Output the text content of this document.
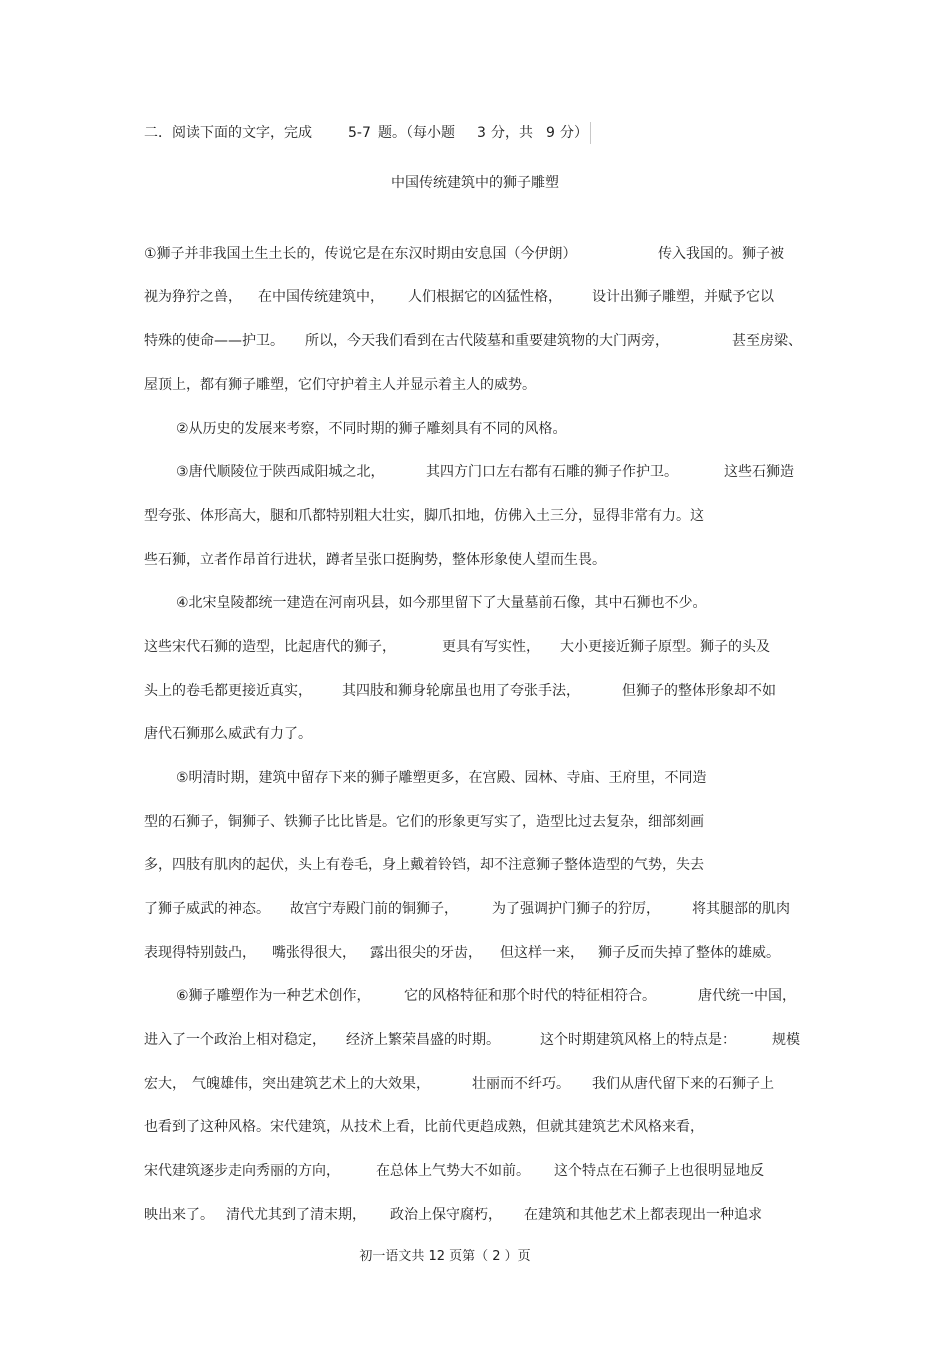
二．阅读下面的文字，完成

	5-7

题。（每小题

3

分，共

9

分）

中国传统建筑中的狮子雕塑

①狮子并非我国土生土长的，传说它是在东汉时期由安息国（今伊朗）

	传入我国的。狮子被

视为狰狞之兽，

在中国传统建筑中，

人们根据它的凶猛性格，

设计出狮子雕塑，并赋予它以

特殊的使命——护卫。

所以，今天我们看到在古代陵墓和重要建筑物的大门两旁，

	甚至房梁、

屋顶上，都有狮子雕塑，它们守护着主人并显示着主人的威势。

②从历史的发展来考察，不同时期的狮子雕刻具有不同的风格。

③唐代顺陵位于陕西咸阳城之北，

	其四方门口左右都有石雕的狮子作护卫。

	这些石狮造

型夸张、体形高大，腿和爪都特别粗大壮实，脚爪扣地，仿佛入土三分，显得非常有力。这

些石狮，立者作昂首行进状，蹲者呈张口挺胸势，整体形象使人望而生畏。

④北宋皇陵都统一建造在河南巩县，如今那里留下了大量墓前石像，其中石狮也不少。

这些宋代石狮的造型，比起唐代的狮子，

	更具有写实性，

大小更接近狮子原型。狮子的头及

头上的卷毛都更接近真实，

其四肢和狮身轮廓虽也用了夸张手法，

	但狮子的整体形象却不如

唐代石狮那么威武有力了。

⑤明清时期，建筑中留存下来的狮子雕塑更多，在宫殿、园林、寺庙、王府里，不同造

型的石狮子，铜狮子、铁狮子比比皆是。它们的形象更写实了，造型比过去复杂，细部刻画

多，四肢有肌肉的起伏，头上有卷毛，身上戴着铃铛，却不注意狮子整体造型的气势，失去

了狮子威武的神态。

故宫宁寿殿门前的铜狮子，

为了强调护门狮子的狞厉，

将其腿部的肌肉

表现得特别鼓凸，

嘴张得很大，

露出很尖的牙齿，

但这样一来，

狮子反而失掉了整体的雄威。

⑥狮子雕塑作为一种艺术创作，

它的风格特征和那个时代的特征相符合。

	唐代统一中国，

进入了一个政治上相对稳定，

经济上繁荣昌盛的时期。

	这个时期建筑风格上的特点是：

	规模

宏大，

气魄雄伟，突出建筑艺术上的大效果，

	壮丽而不纤巧。

我们从唐代留下来的石狮子上

也看到了这种风格。宋代建筑，从技术上看，比前代更趋成熟，但就其建筑艺术风格来看，

宋代建筑逐步走向秀丽的方向，

	在总体上气势大不如前。

这个特点在石狮子上也很明显地反

映出来了。

清代尤其到了清末期，

政治上保守腐朽，

在建筑和其他艺术上都表现出一种追求

初一语文共 12 页第（ 2 ）页
